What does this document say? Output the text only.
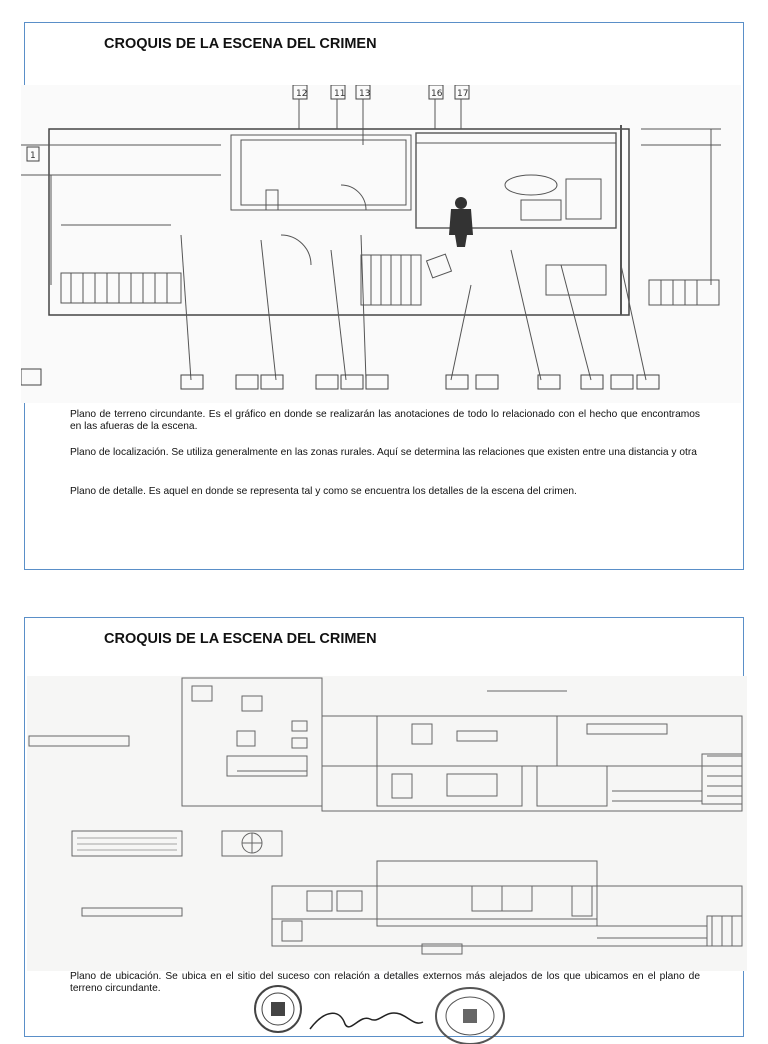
CROQUIS DE LA ESCENA DEL CRIMEN
12	11 13	16 17
1

Plano de terreno circundante. Es el gráfico en donde se realizarán las anotaciones de todo lo relacionado con el hecho que encontramos en las afueras de la escena.

Plano de localización. Se utiliza generalmente en las zonas rurales. Aquí se determina las relaciones que existen entre una distancia y otra

Plano de detalle. Es aquel en donde se representa tal y como se encuentra los detalles de la escena del crimen.

CROQUIS DE LA ESCENA DEL CRIMEN

Plano de ubicación. Se ubica en el sitio del suceso con relación a detalles externos más alejados de los que ubicamos en el plano de terreno circundante.
